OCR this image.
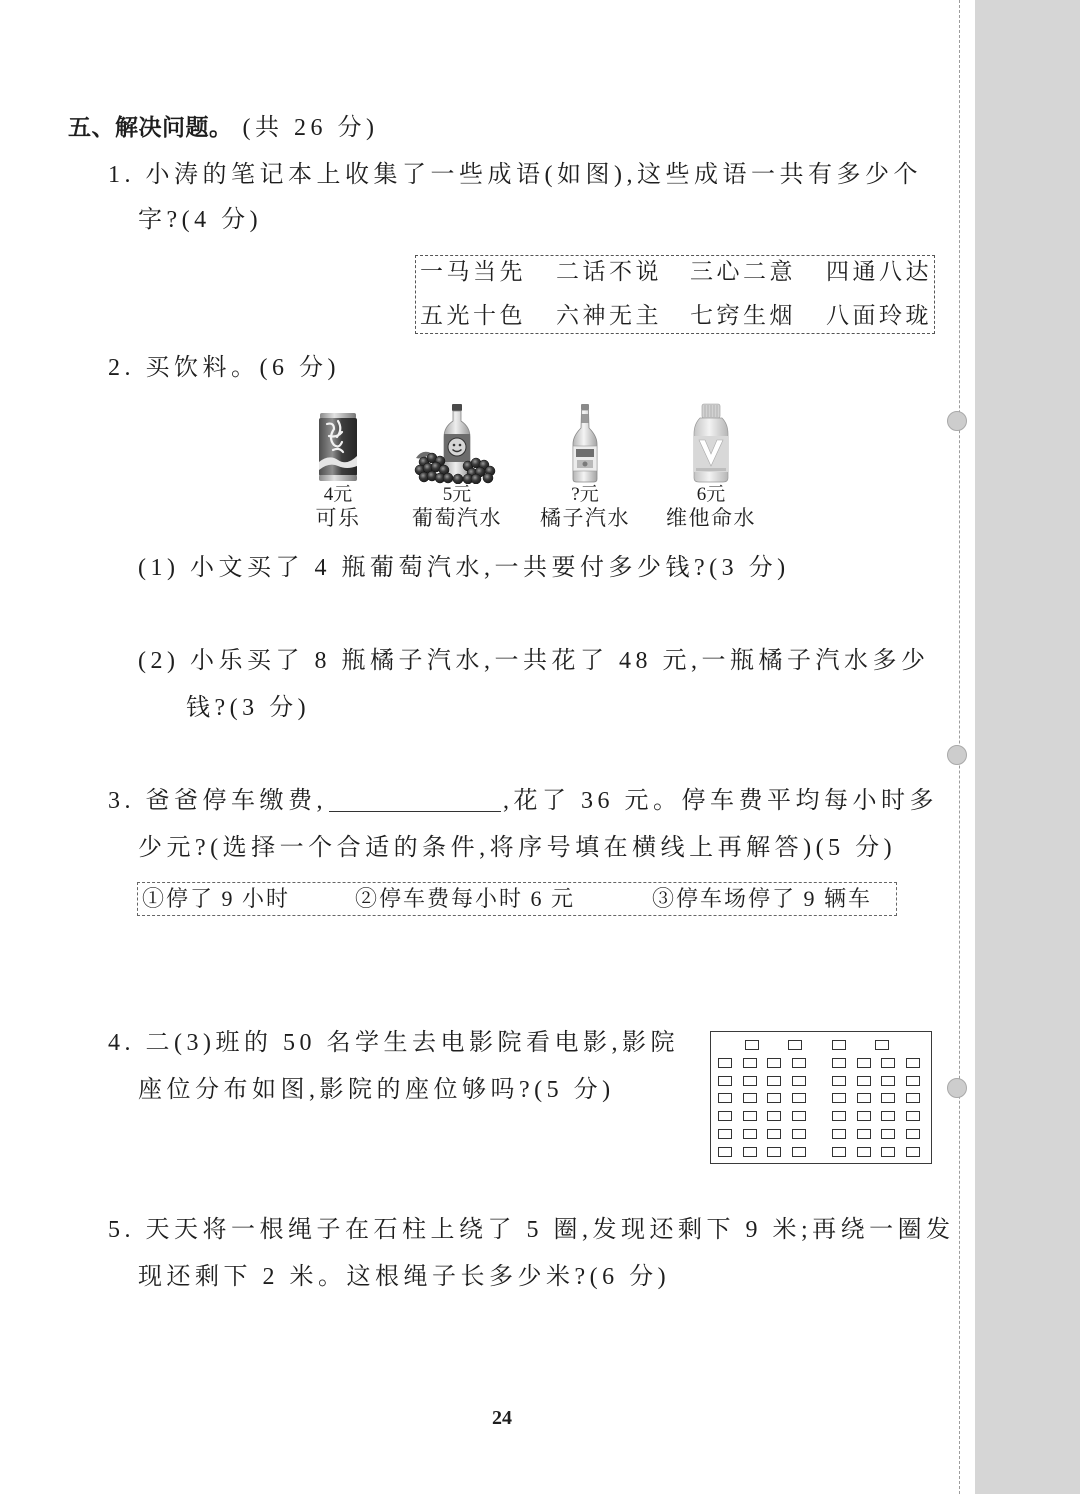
五、解决问题。 (共 26 分)
1. 小涛的笔记本上收集了一些成语(如图),这些成语一共有多少个
字?(4 分)
一马当先 二话不说 三心二意 四通八达
五光十色 六神无主 七窍生烟 八面玲珑
2. 买饮料。(6 分)
4元
可乐
5元
葡萄汽水
?元
橘子汽水
6元
维他命水
(1) 小文买了 4 瓶葡萄汽水,一共要付多少钱?(3 分)
(2) 小乐买了 8 瓶橘子汽水,一共花了 48 元,一瓶橘子汽水多少
钱?(3 分)
3. 爸爸停车缴费,	,花了 36 元。停车费平均每小时多
少元?(选择一个合适的条件,将序号填在横线上再解答)(5 分)
①停了 9 小时	②停车费每小时 6 元	③停车场停了 9 辆车
4. 二(3)班的 50 名学生去电影院看电影,影院
座位分布如图,影院的座位够吗?(5 分)
5. 天天将一根绳子在石柱上绕了 5 圈,发现还剩下 9 米;再绕一圈发
现还剩下 2 米。这根绳子长多少米?(6 分)
24
